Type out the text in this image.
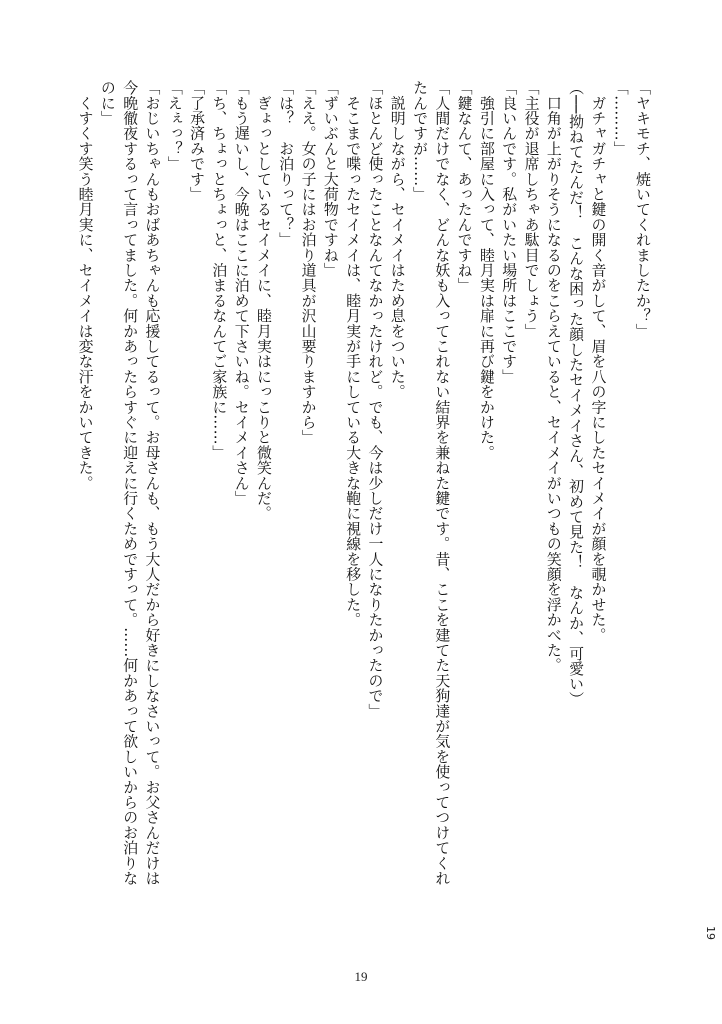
「ヤキモチ、焼いてくれましたか？」
「………」
　ガチャガチャと鍵の開く音がして、眉を八の字にしたセイメイが顔を覗かせた。
（──拗ねてたんだ！　こんな困った顔したセイメイさん、初めて見た！　なんか、可愛い）
　口角が上がりそうになるのをこらえていると、セイメイがいつもの笑顔を浮かべた。
「主役が退席しちゃあ駄目でしょう」
「良いんです。私がいたい場所はここです」
　強引に部屋に入って、睦月実は扉に再び鍵をかけた。
「鍵なんて、あったんですね」
「人間だけでなく、どんな妖も入ってこれない結界を兼ねた鍵です。昔、ここを建てた天狗達が気を使ってつけてくれ
たんですが……」
　説明しながら、セイメイはため息をついた。
「ほとんど使ったことなんてなかったけれど。でも、今は少しだけ一人になりたかったので」
　そこまで喋ったセイメイは、睦月実が手にしている大きな鞄に視線を移した。
「ずいぶんと大荷物ですね」
「ええ。女の子にはお泊り道具が沢山要りますから」
「は？　お泊りって？」
　ぎょっとしているセイメイに、睦月実はにっこりと微笑んだ。
「もう遅いし、今晩はここに泊めて下さいね。セイメイさん」
「ち、ちょっとちょっと、泊まるなんてご家族に……」
「了承済みです」
「えぇっ？」
「おじいちゃんもおばあちゃんも応援してるって。お母さんも、もう大人だから好きにしなさいって。お父さんだけは
今晩徹夜するって言ってました。何かあったらすぐに迎えに行くためですって。……何かあって欲しいからのお泊りな
のに」
　くすくす笑う睦月実に、セイメイは変な汗をかいてきた。
19
19
